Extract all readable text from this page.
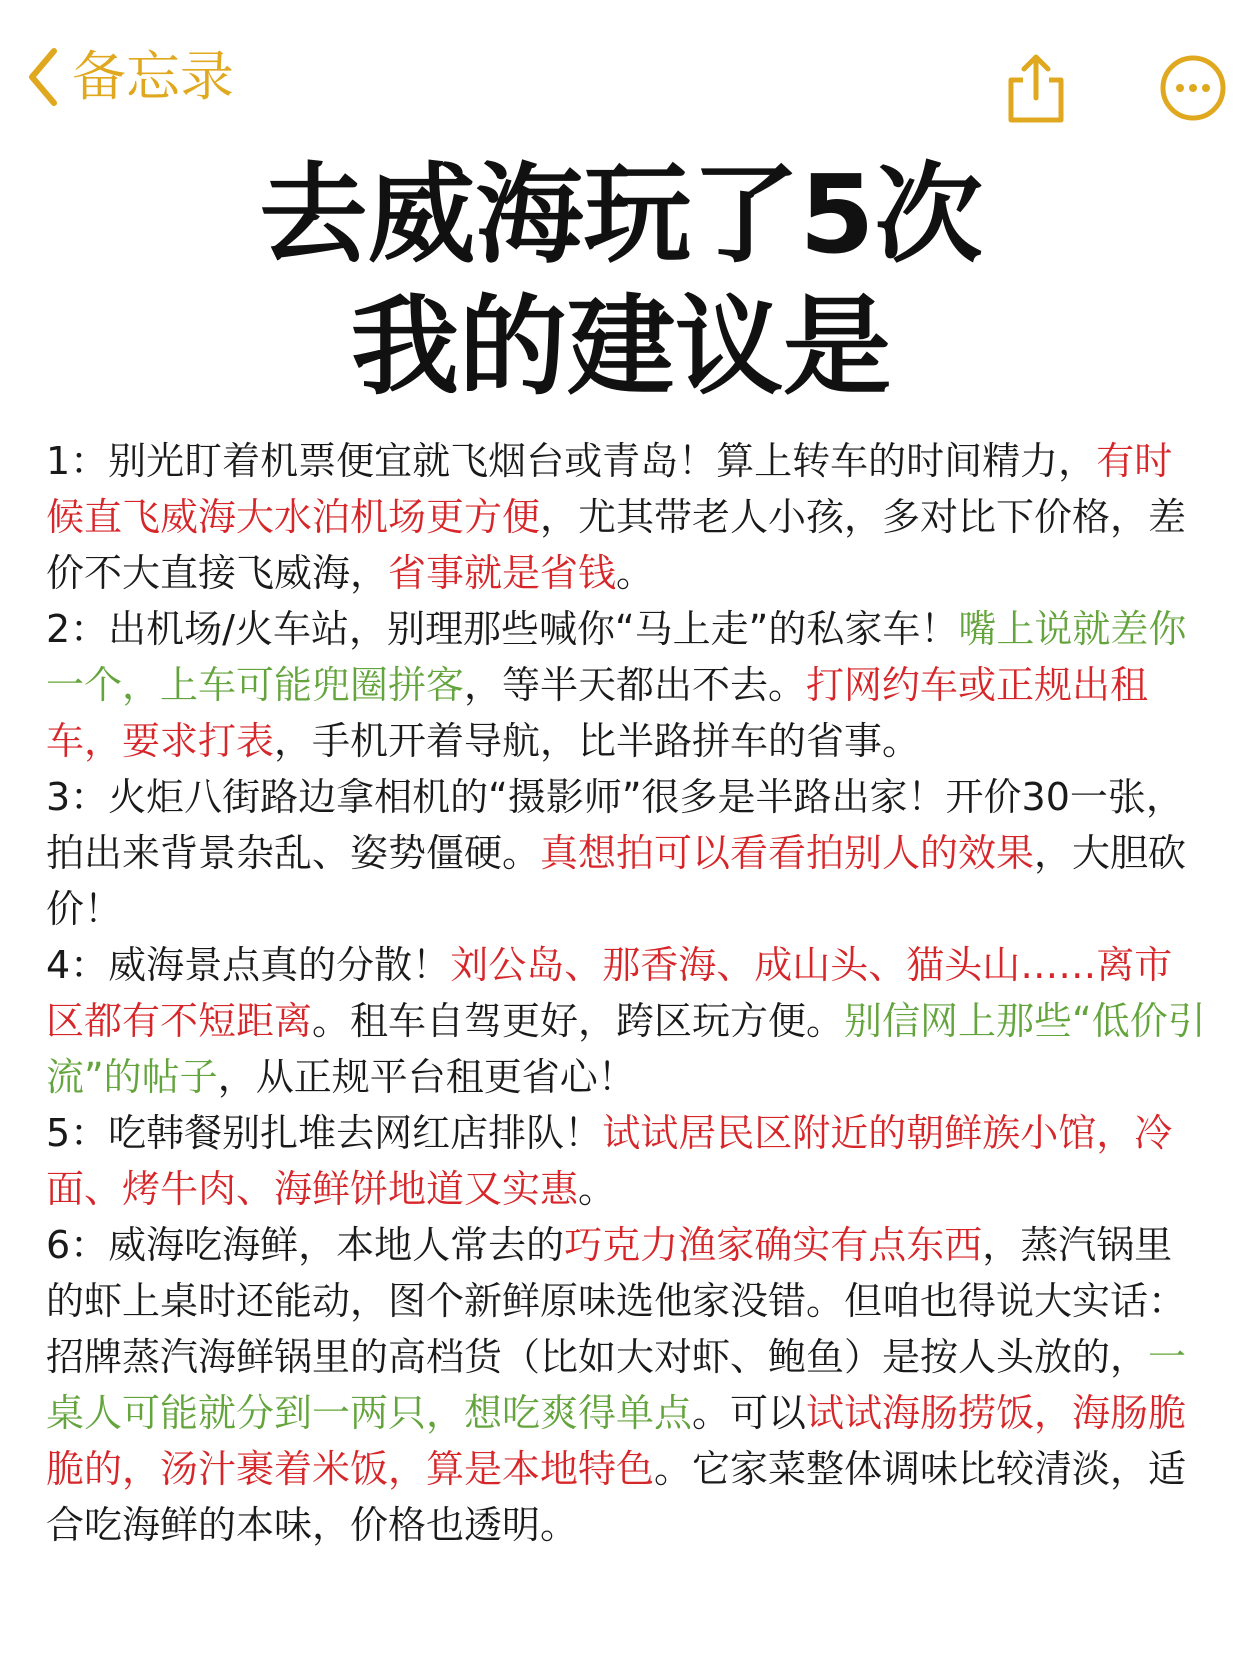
备忘录
去威海玩了5次
我的建议是

1：别光盯着机票便宜就飞烟台或青岛！算上转车的时间精力，有时候直飞威海大水泊机场更方便，尤其带老人小孩，多对比下价格，差价不大直接飞威海，省事就是省钱。

2：出机场/火车站，别理那些喊你“马上走”的私家车！嘴上说就差你一个，上车可能兜圈拼客，等半天都出不去。打网约车或正规出租车，要求打表，手机开着导航，比半路拼车的省事。

3：火炬八街路边拿相机的“摄影师”很多是半路出家！开价30一张，拍出来背景杂乱、姿势僵硬。真想拍可以看看拍别人的效果，大胆砍价！

4：威海景点真的分散！刘公岛、那香海、成山头、猫头山……离市区都有不短距离。租车自驾更好，跨区玩方便。别信网上那些“低价引流”的帖子，从正规平台租更省心！

5：吃韩餐别扎堆去网红店排队！试试居民区附近的朝鲜族小馆，冷面、烤牛肉、海鲜饼地道又实惠。

6：威海吃海鲜，本地人常去的巧克力渔家确实有点东西，蒸汽锅里的虾上桌时还能动，图个新鲜原味选他家没错。但咱也得说大实话：招牌蒸汽海鲜锅里的高档货（比如大对虾、鲍鱼）是按人头放的，一桌人可能就分到一两只，想吃爽得单点。可以试试海肠捞饭，海肠脆脆的，汤汁裹着米饭，算是本地特色。它家菜整体调味比较清淡，适合吃海鲜的本味，价格也透明。
